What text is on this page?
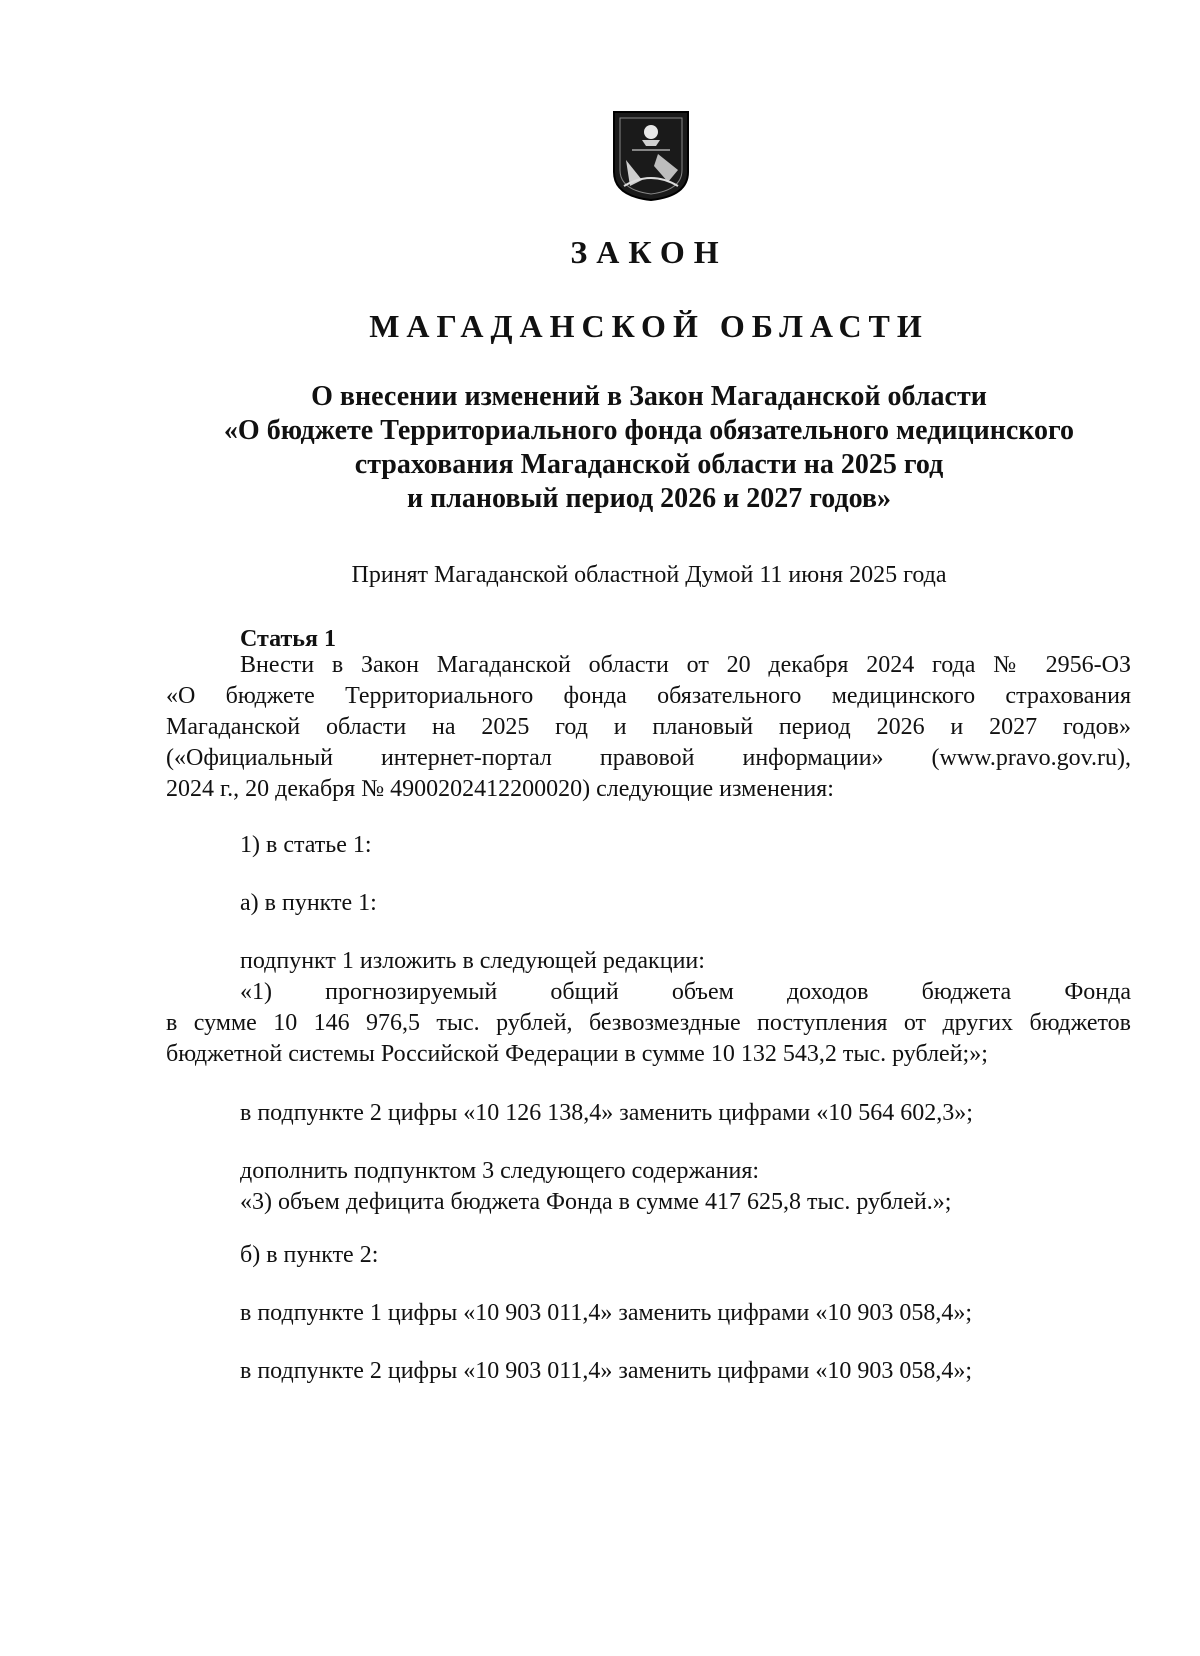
ЗАКОН
МАГАДАНСКОЙ ОБЛАСТИ
О внесении изменений в Закон Магаданской области
«О бюджете Территориального фонда обязательного медицинского
страхования Магаданской области на 2025 год
и плановый период 2026 и 2027 годов»
Принят Магаданской областной Думой 11 июня 2025 года
Статья 1
Внести в Закон Магаданской области от 20 декабря 2024 года № 2956-ОЗ
«О бюджете Территориального фонда обязательного медицинского страхования
Магаданской области на 2025 год и плановый период 2026 и 2027 годов»
(«Официальный интернет-портал правовой информации» (www.pravo.gov.ru),
2024 г., 20 декабря № 4900202412200020) следующие изменения:
1) в статье 1:
а) в пункте 1:
подпункт 1 изложить в следующей редакции:
«1) прогнозируемый общий объем доходов бюджета Фонда
в сумме 10 146 976,5 тыс. рублей, безвозмездные поступления от других бюджетов
бюджетной системы Российской Федерации в сумме 10 132 543,2 тыс. рублей;»;
в подпункте 2 цифры «10 126 138,4» заменить цифрами «10 564 602,3»;
дополнить подпунктом 3 следующего содержания:
«3) объем дефицита бюджета Фонда в сумме 417 625,8 тыс. рублей.»;
б) в пункте 2:
в подпункте 1 цифры «10 903 011,4» заменить цифрами «10 903 058,4»;
в подпункте 2 цифры «10 903 011,4» заменить цифрами «10 903 058,4»;
